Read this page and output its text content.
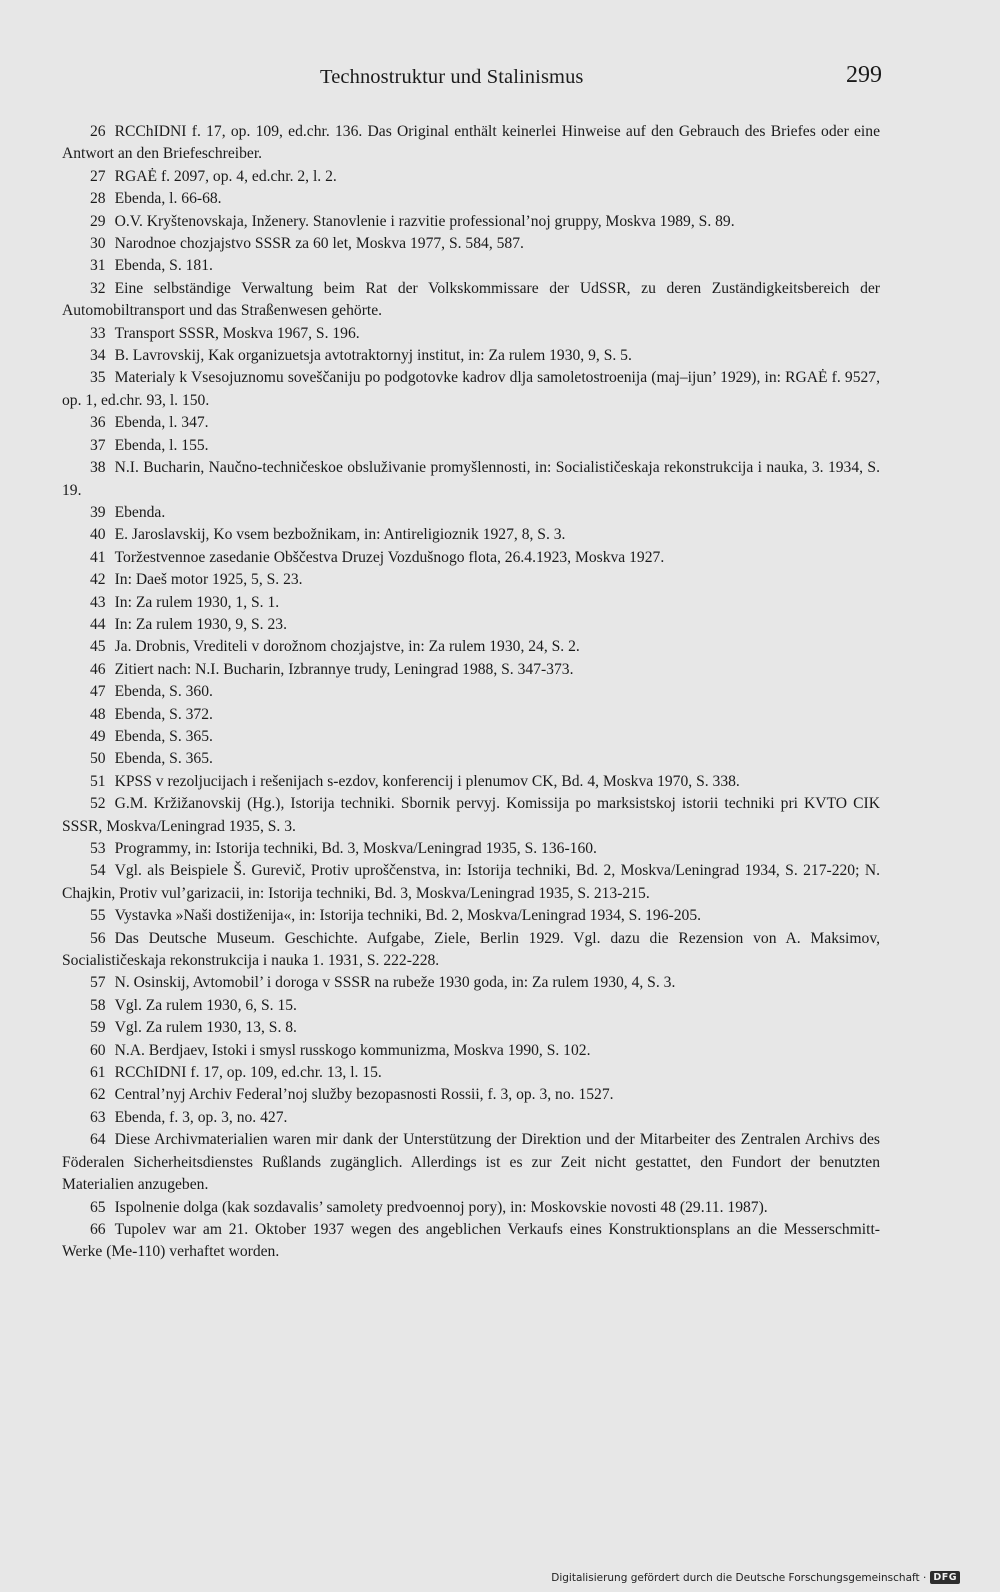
Technostruktur und Stalinismus	299

26 RCChIDNI f. 17, op. 109, ed.chr. 136. Das Original enthält keinerlei Hinweise auf den Gebrauch des Briefes oder eine Antwort an den Briefeschreiber.

27 RGAĖ f. 2097, op. 4, ed.chr. 2, l. 2.

28 Ebenda, l. 66-68.

29 O.V. Kryštenovskaja, Inženery. Stanovlenie i razvitie professional’noj gruppy, Moskva 1989, S. 89.

30 Narodnoe chozjajstvo SSSR za 60 let, Moskva 1977, S. 584, 587.

31 Ebenda, S. 181.

32 Eine selbständige Verwaltung beim Rat der Volkskommissare der UdSSR, zu deren Zuständigkeitsbereich der Automobiltransport und das Straßenwesen gehörte.

33 Transport SSSR, Moskva 1967, S. 196.

34 B. Lavrovskij, Kak organizuetsja avtotraktornyj institut, in: Za rulem 1930, 9, S. 5.

35 Materialy k Vsesojuznomu soveščaniju po podgotovke kadrov dlja samoletostroenija (maj–ijun’ 1929), in: RGAĖ f. 9527, op. 1, ed.chr. 93, l. 150.

36 Ebenda, l. 347.

37 Ebenda, l. 155.

38 N.I. Bucharin, Naučno-techničeskoe obsluživanie promyšlennosti, in: Socialističeskaja rekonstrukcija i nauka, 3. 1934, S. 19.

39 Ebenda.

40 E. Jaroslavskij, Ko vsem bezbožnikam, in: Antireligioznik 1927, 8, S. 3.

41 Toržestvennoe zasedanie Obščestva Druzej Vozdušnogo flota, 26.4.1923, Moskva 1927.

42 In: Daeš motor 1925, 5, S. 23.

43 In: Za rulem 1930, 1, S. 1.

44 In: Za rulem 1930, 9, S. 23.

45 Ja. Drobnis, Vrediteli v dorožnom chozjajstve, in: Za rulem 1930, 24, S. 2.

46 Zitiert nach: N.I. Bucharin, Izbrannye trudy, Leningrad 1988, S. 347-373.

47 Ebenda, S. 360.

48 Ebenda, S. 372.

49 Ebenda, S. 365.

50 Ebenda, S. 365.

51 KPSS v rezoljucijach i rešenijach s-ezdov, konferencij i plenumov CK, Bd. 4, Moskva 1970, S. 338.

52 G.M. Kržižanovskij (Hg.), Istorija techniki. Sbornik pervyj. Komissija po marksistskoj istorii techniki pri KVTO CIK SSSR, Moskva/Leningrad 1935, S. 3.

53 Programmy, in: Istorija techniki, Bd. 3, Moskva/Leningrad 1935, S. 136-160.

54 Vgl. als Beispiele Š. Gurevič, Protiv uproščenstva, in: Istorija techniki, Bd. 2, Moskva/Leningrad 1934, S. 217-220; N. Chajkin, Protiv vul’garizacii, in: Istorija techniki, Bd. 3, Moskva/Leningrad 1935, S. 213-215.

55 Vystavka »Naši dostiženija«, in: Istorija techniki, Bd. 2, Moskva/Leningrad 1934, S. 196-205.

56 Das Deutsche Museum. Geschichte. Aufgabe, Ziele, Berlin 1929. Vgl. dazu die Rezension von A. Maksimov, Socialističeskaja rekonstrukcija i nauka 1. 1931, S. 222-228.

57 N. Osinskij, Avtomobil’ i doroga v SSSR na rubeže 1930 goda, in: Za rulem 1930, 4, S. 3.

58 Vgl. Za rulem 1930, 6, S. 15.

59 Vgl. Za rulem 1930, 13, S. 8.

60 N.A. Berdjaev, Istoki i smysl russkogo kommunizma, Moskva 1990, S. 102.

61 RCChIDNI f. 17, op. 109, ed.chr. 13, l. 15.

62 Central’nyj Archiv Federal’noj služby bezopasnosti Rossii, f. 3, op. 3, no. 1527.

63 Ebenda, f. 3, op. 3, no. 427.

64 Diese Archivmaterialien waren mir dank der Unterstützung der Direktion und der Mitarbeiter des Zentralen Archivs des Föderalen Sicherheitsdienstes Rußlands zugänglich. Allerdings ist es zur Zeit nicht gestattet, den Fundort der benutzten Materialien anzugeben.

65 Ispolnenie dolga (kak sozdavalis’ samolety predvoennoj pory), in: Moskovskie novosti 48 (29.11. 1987).

66 Tupolev war am 21. Oktober 1937 wegen des angeblichen Verkaufs eines Konstruktionsplans an die Messerschmitt-Werke (Me-110) verhaftet worden.

Digitalisierung gefördert durch die Deutsche Forschungsgemeinschaft · DFG
